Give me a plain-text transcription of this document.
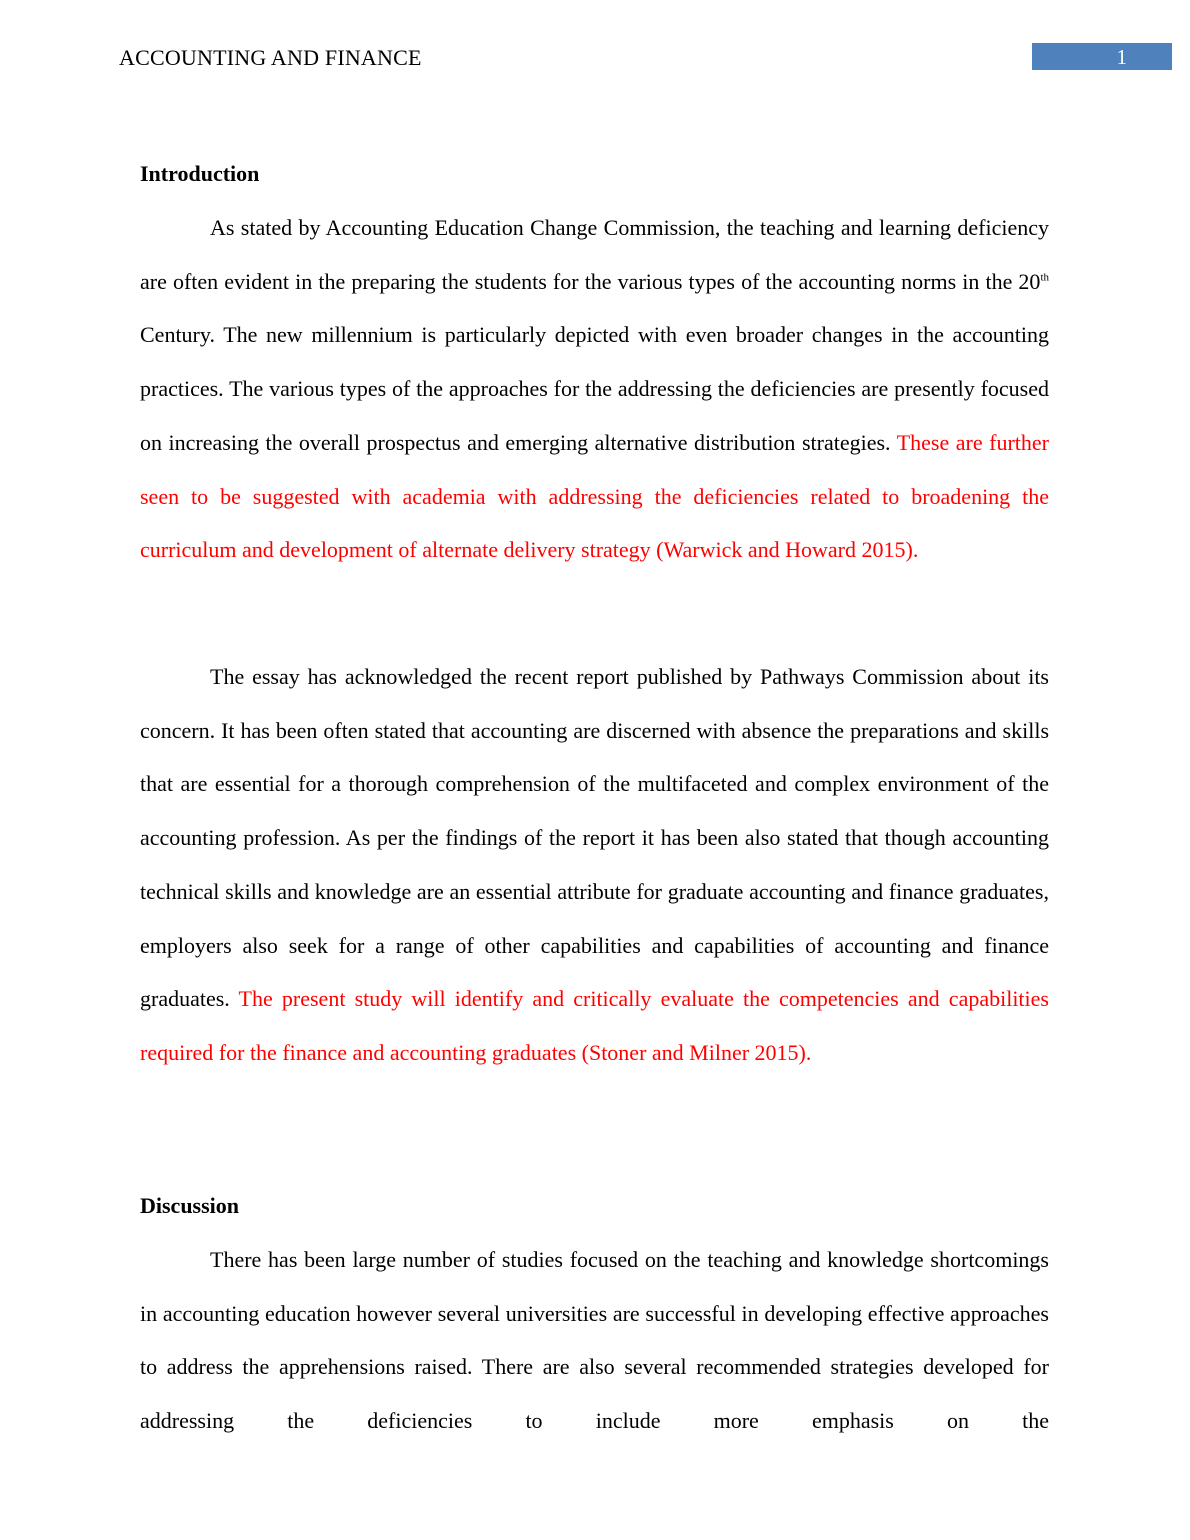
ACCOUNTING AND FINANCE	1
Introduction

As stated by Accounting Education Change Commission, the teaching and learning deficiency are often evident in the preparing the students for the various types of the accounting norms in the 20th Century. The new millennium is particularly depicted with even broader changes in the accounting practices. The various types of the approaches for the addressing the deficiencies are presently focused on increasing the overall prospectus and emerging alternative distribution strategies. These are further seen to be suggested with academia with addressing the deficiencies related to broadening the curriculum and development of alternate delivery strategy (Warwick and Howard 2015).

The essay has acknowledged the recent report published by Pathways Commission about its concern. It has been often stated that accounting are discerned with absence the preparations and skills that are essential for a thorough comprehension of the multifaceted and complex environment of the accounting profession. As per the findings of the report it has been also stated that though accounting technical skills and knowledge are an essential attribute for graduate accounting and finance graduates, employers also seek for a range of other capabilities and capabilities of accounting and finance graduates. The present study will identify and critically evaluate the competencies and capabilities required for the finance and accounting graduates (Stoner and Milner 2015).

Discussion

There has been large number of studies focused on the teaching and knowledge shortcomings in accounting education however several universities are successful in developing effective approaches to address the apprehensions raised. There are also several recommended strategies developed for addressing the deficiencies to include more emphasis on the
